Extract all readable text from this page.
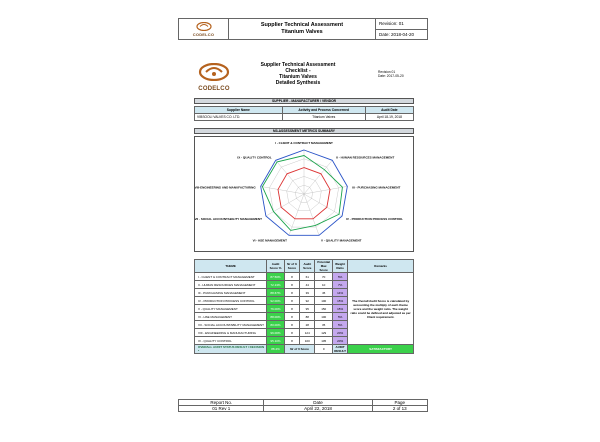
CODELCO

Supplier Technical Assessment
Titanium Valves
	Revision: 01
Date: 2018-04-20
CODELCO
Supplier Technical Assessment
Checklist -
Titanium Valves
Detailed Synthesis
Revision 01
Date: 2017-05-20
SUPPLIER - MANUFACTURER / VENDOR
Supplier Name	Activity and Process Concerned	Audit Date
VIBSOOLI VALVES CO. LTD.	Titanium Valves	April 18-19, 2018
M3-ASSESSMENT METRICS SUMMARY
I - CLIENT & CONTRACT MANAGEMENT
II - HUMAN RESOURCES MANAGEMENT
III - PURCHASING MANAGEMENT
IV - PRODUCTION PROCESS CONTROL
V - QUALITY MANAGEMENT
VI - HSE MANAGEMENT
VII - SOCIAL ACCOUNTABILITY MANAGEMENT
VIII-ENGINEERING AND MANUFACTURING
IX - QUALITY CONTROL
THEME	Audit Score %	Nr of It Score	Audit Score	Potential Max Score	Weight Ratio	Remarks
I - CLIENT & CONTRACT MANAGEMENT	87.50%	8	61	70	5%	The Overall Audit Score is calculated by accounting the multiply of each theme score and the weight ratio. The weight ratio could be defined and adjusted as per Client requirement.
II - HUMAN RESOURCES MANAGEMENT	72.13%	8	44	10	7%	
III - PURCHASING MANAGEMENT	88.67%	8	39	45	14%	
IV - PRODUCTION PROCESS CONTROL	92.00%	8	92	100	15%	
V - QUALITY MANAGEMENT	76.00%	8	95	150	15%	
VI - HSE MANAGEMENT	88.00%	8	88	100	5%	
VII - SOCIAL ACCOUNTABILITY MANAGEMENT	80.00%	8	28	35	5%	
VIII - ENGINEERING & MANUFACTURING	96.00%	8	124	129	20%	
IX - QUALITY CONTROL	95.10%	8	100	105	20%	
OVERALL AUDIT STATUS RESULT / DECISION *	88.4%	Nr of 0 Score		0	AUDIT RESULT	SATISFACTORY
Report No.	Date	Page
01 Rev 1	April 22, 2018	2 of 13
